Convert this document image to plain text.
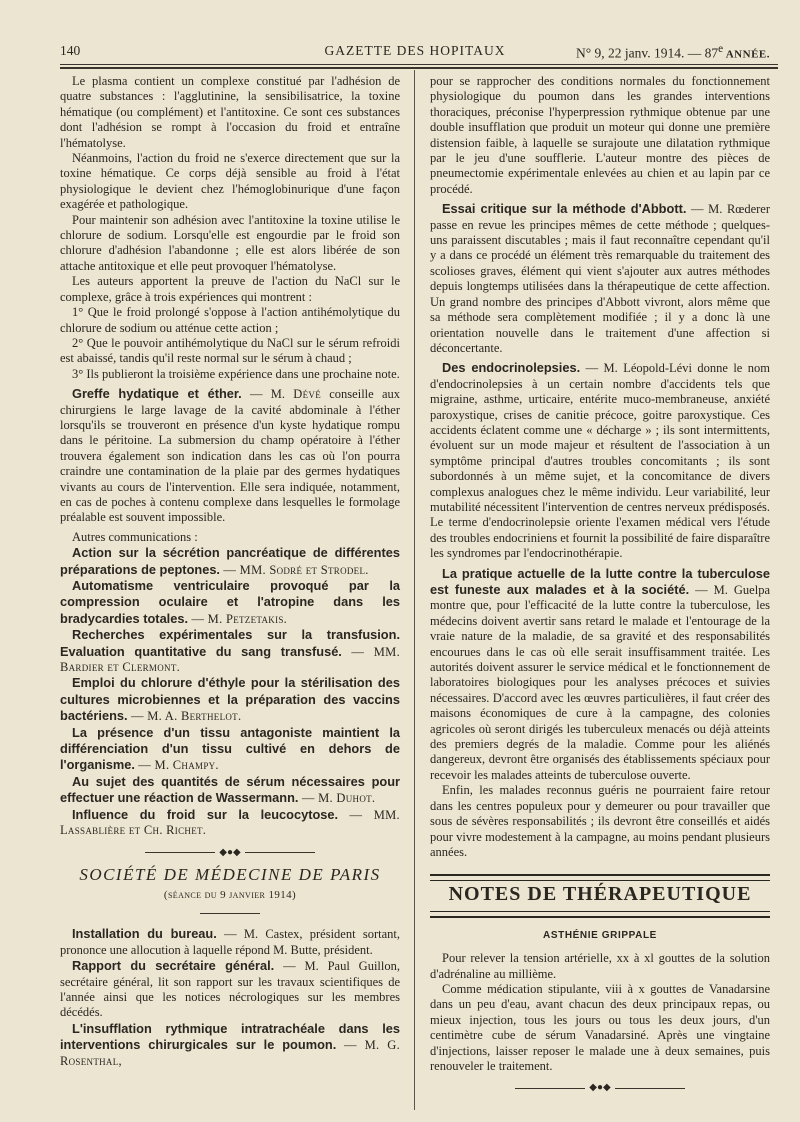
140	GAZETTE DES HOPITAUX	N° 9, 22 janv. 1914. — 87e ANNÉE.

Le plasma contient un complexe constitué par l'adhésion de quatre substances : l'agglutinine, la sensibilisatrice, la toxine hématique (ou complément) et l'antitoxine. Ce sont ces substances dont l'adhésion se rompt à l'occasion du froid et entraîne l'hématolyse.

Néanmoins, l'action du froid ne s'exerce directement que sur la toxine hématique. Ce corps déjà sensible au froid à l'état physiologique le devient chez l'hémoglobinurique d'une façon exagérée et pathologique.

Pour maintenir son adhésion avec l'antitoxine la toxine utilise le chlorure de sodium. Lorsqu'elle est engourdie par le froid son chlorure d'adhésion l'abandonne ; elle est alors libérée de son attache antitoxique et elle peut provoquer l'hématolyse.

Les auteurs apportent la preuve de l'action du NaCl sur le complexe, grâce à trois expériences qui montrent :

1° Que le froid prolongé s'oppose à l'action antihémolytique du chlorure de sodium ou atténue cette action ;

2° Que le pouvoir antihémolytique du NaCl sur le sérum refroidi est abaissé, tandis qu'il reste normal sur le sérum à chaud ;

3° Ils publieront la troisième expérience dans une prochaine note.

Greffe hydatique et éther. — M. Dévé conseille aux chirurgiens le large lavage de la cavité abdominale à l'éther lorsqu'ils se trouveront en présence d'un kyste hydatique rompu dans le péritoine. La submersion du champ opératoire à l'éther trouvera également son indication dans les cas où l'on pourra craindre une contamination de la plaie par des germes hydatiques vivants au cours de l'intervention. Elle sera indiquée, notamment, en cas de poches à contenu complexe dans lesquelles le formolage préalable est souvent impossible.

Autres communications :

Action sur la sécrétion pancréatique de différentes préparations de peptones. — MM. Sodré et Strodel.

Automatisme ventriculaire provoqué par la compression oculaire et l'atropine dans les bradycardies totales. — M. Petzetakis.

Recherches expérimentales sur la transfusion. Evaluation quantitative du sang transfusé. — MM. Bardier et Clermont.

Emploi du chlorure d'éthyle pour la stérilisation des cultures microbiennes et la préparation des vaccins bactériens. — M. A. Berthelot.

La présence d'un tissu antagoniste maintient la différenciation d'un tissu cultivé en dehors de l'organisme. — M. Champy.

Au sujet des quantités de sérum nécessaires pour effectuer une réaction de Wassermann. — M. Duhot.

Influence du froid sur la leucocytose. — MM. Lassablière et Ch. Richet.

◆●◆
SOCIÉTÉ DE MÉDECINE DE PARIS
(séance du 9 janvier 1914)

Installation du bureau. — M. Castex, président sortant, prononce une allocution à laquelle répond M. Butte, président.

Rapport du secrétaire général. — M. Paul Guillon, secrétaire général, lit son rapport sur les travaux scientifiques de l'année ainsi que les notices nécrologiques sur les membres décédés.

L'insufflation rythmique intratrachéale dans les interventions chirurgicales sur le poumon. — M. G. Rosenthal,

pour se rapprocher des conditions normales du fonctionnement physiologique du poumon dans les grandes interventions thoraciques, préconise l'hyperpression rythmique obtenue par une double insufflation que produit un moteur qui donne une première distension faible, à laquelle se surajoute une dilatation rythmique par le jeu d'une soufflerie. L'auteur montre des pièces de pneumectomie expérimentale enlevées au chien et au lapin par ce procédé.

Essai critique sur la méthode d'Abbott. — M. Rœderer passe en revue les principes mêmes de cette méthode ; quelques-uns paraissent discutables ; mais il faut reconnaître cependant qu'il y a dans ce procédé un élément très remarquable du traitement des scolioses graves, élément qui vient s'ajouter aux autres méthodes depuis longtemps utilisées dans la thérapeutique de cette affection. Un grand nombre des principes d'Abbott vivront, alors même que sa méthode sera complètement modifiée ; il y a donc là une orientation nouvelle dans le traitement d'une affection si déconcertante.

Des endocrinolepsies. — M. Léopold-Lévi donne le nom d'endocrinolepsies à un certain nombre d'accidents tels que migraine, asthme, urticaire, entérite muco-membraneuse, anxiété paroxystique, crises de canitie précoce, goitre paroxystique. Ces accidents éclatent comme une « décharge » ; ils sont intermittents, évoluent sur un mode majeur et résultent de l'association à un symptôme principal d'autres troubles concomitants ; ils sont subordonnés à un même sujet, et la concomitance de divers complexus analogues chez le même individu. Leur variabilité, leur mutabilité nécessitent l'intervention de centres nerveux prédisposés. Le terme d'endocrinolepsie oriente l'examen médical vers l'étude des troubles endocriniens et fournit la possibilité de faire disparaître les syndromes par l'endocrinothérapie.

La pratique actuelle de la lutte contre la tuberculose est funeste aux malades et à la société. — M. Guelpa montre que, pour l'efficacité de la lutte contre la tuberculose, les médecins doivent avertir sans retard le malade et l'entourage de la vraie nature de la maladie, de sa gravité et des responsabilités encourues dans le cas où elle serait insuffisamment traitée. Les autorités doivent assurer le service médical et le fonctionnement de laboratoires biologiques pour les analyses précoces et suivies nécessaires. D'accord avec les œuvres particulières, il faut créer des maisons économiques de cure à la campagne, des colonies agricoles où seront dirigés les tuberculeux menacés ou déjà atteints des premiers degrés de la maladie. Comme pour les aliénés dangereux, devront être organisés des établissements spéciaux pour recevoir les malades atteints de tuberculose ouverte.

Enfin, les malades reconnus guéris ne pourraient faire retour dans les centres populeux pour y demeurer ou pour travailler que sous de sévères responsabilités ; ils devront être conseillés et aidés pour vivre modestement à la campagne, au moins pendant plusieurs années.

NOTES DE THÉRAPEUTIQUE
ASTHÉNIE GRIPPALE

Pour relever la tension artérielle, xx à xl gouttes de la solution d'adrénaline au millième.

Comme médication stipulante, viii à x gouttes de Vanadarsine dans un peu d'eau, avant chacun des deux principaux repas, ou mieux injection, tous les jours ou tous les deux jours, d'un centimètre cube de sérum Vanadarsiné. Après une vingtaine d'injections, laisser reposer le malade une à deux semaines, puis renouveler le traitement.

◆●◆
